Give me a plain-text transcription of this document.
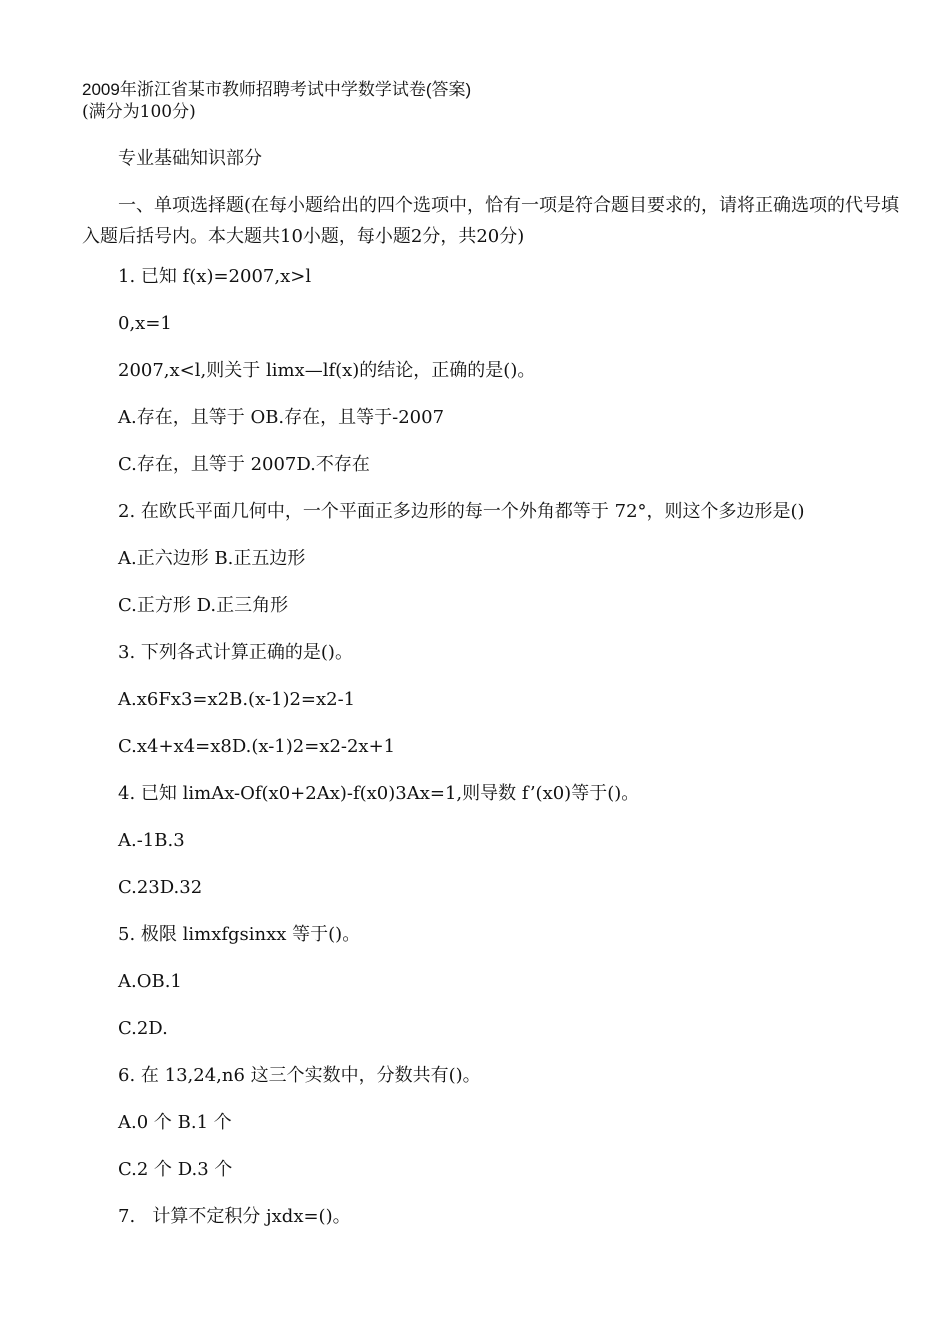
2009年浙江省某市教师招聘考试中学数学试卷(答案)
(满分为100分)
专业基础知识部分
一、单项选择题(在每小题给出的四个选项中，恰有一项是符合题目要求的，请将正确选项的代号填入题后括号内。本大题共10小题，每小题2分，共20分)
1. 已知 f(x)=2007,x>l
0,x=1
2007,x<l,则关于 limx—lf(x)的结论，正确的是()。
A.存在，且等于 OB.存在，且等于-2007
C.存在，且等于 2007D.不存在
2. 在欧氏平面几何中，一个平面正多边形的每一个外角都等于 72°，则这个多边形是()
A.正六边形 B.正五边形
C.正方形 D.正三角形
3. 下列各式计算正确的是()。
A.x6Fx3=x2B.(x-1)2=x2-1
C.x4+x4=x8D.(x-1)2=x2-2x+1
4. 已知 limAx-Of(x0+2Ax)-f(x0)3Ax=1,则导数 f’(x0)等于()。
A.-1B.3
C.23D.32
5. 极限 limxfgsinxx 等于()。
A.OB.1
C.2D.
6. 在 13,24,n6 这三个实数中，分数共有()。
A.0 个 B.1 个
C.2 个 D.3 个
7.   计算不定积分 jxdx=()。
